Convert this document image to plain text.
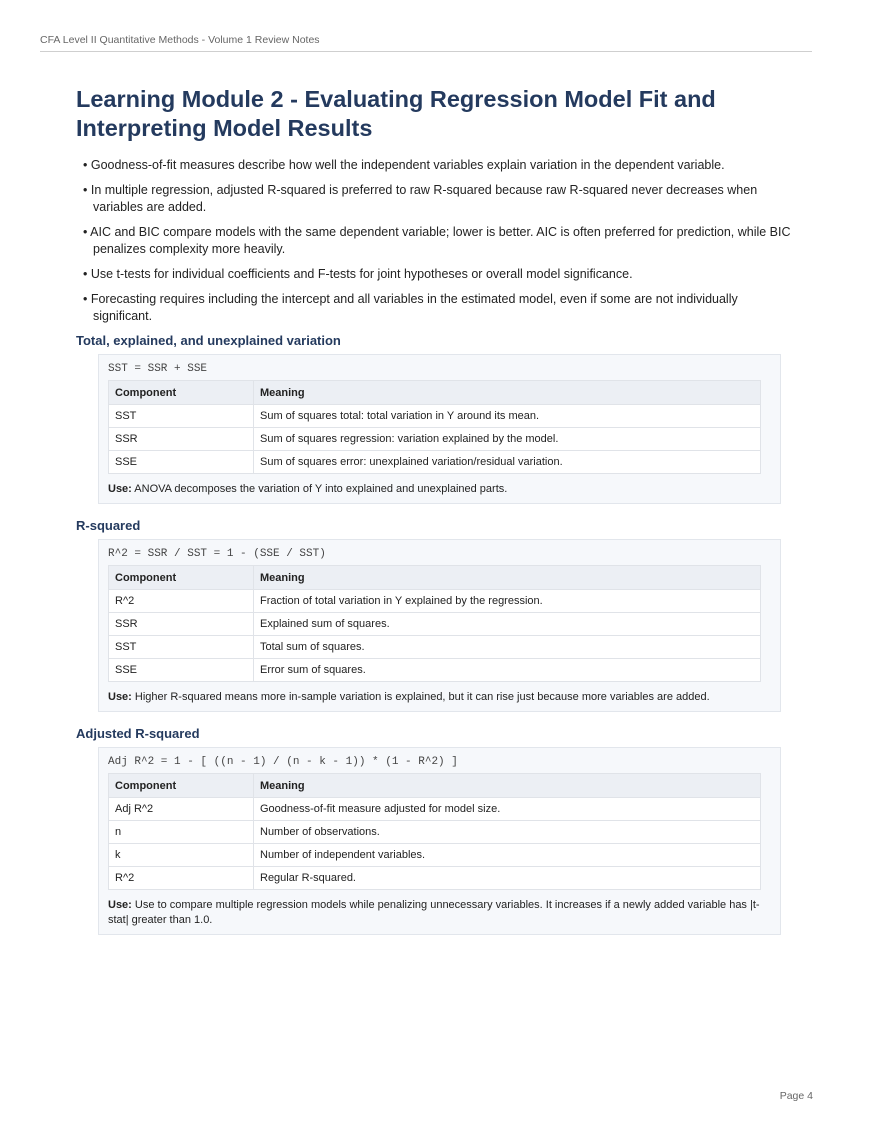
CFA Level II Quantitative Methods - Volume 1 Review Notes
Learning Module 2 - Evaluating Regression Model Fit and Interpreting Model Results
• Goodness-of-fit measures describe how well the independent variables explain variation in the dependent variable.
• In multiple regression, adjusted R-squared is preferred to raw R-squared because raw R-squared never decreases when variables are added.
• AIC and BIC compare models with the same dependent variable; lower is better. AIC is often preferred for prediction, while BIC penalizes complexity more heavily.
• Use t-tests for individual coefficients and F-tests for joint hypotheses or overall model significance.
• Forecasting requires including the intercept and all variables in the estimated model, even if some are not individually significant.
Total, explained, and unexplained variation
SST = SSR + SSE
Component	Meaning
SST	Sum of squares total: total variation in Y around its mean.
SSR	Sum of squares regression: variation explained by the model.
SSE	Sum of squares error: unexplained variation/residual variation.

Use: ANOVA decomposes the variation of Y into explained and unexplained parts.

R-squared
R^2 = SSR / SST = 1 - (SSE / SST)
Component	Meaning
R^2	Fraction of total variation in Y explained by the regression.
SSR	Explained sum of squares.
SST	Total sum of squares.
SSE	Error sum of squares.

Use: Higher R-squared means more in-sample variation is explained, but it can rise just because more variables are added.

Adjusted R-squared
Adj R^2 = 1 - [ ((n - 1) / (n - k - 1)) * (1 - R^2) ]
Component	Meaning
Adj R^2	Goodness-of-fit measure adjusted for model size.
n	Number of observations.
k	Number of independent variables.
R^2	Regular R-squared.

Use: Use to compare multiple regression models while penalizing unnecessary variables. It increases if a newly added variable has |t-stat| greater than 1.0.

Page 4
